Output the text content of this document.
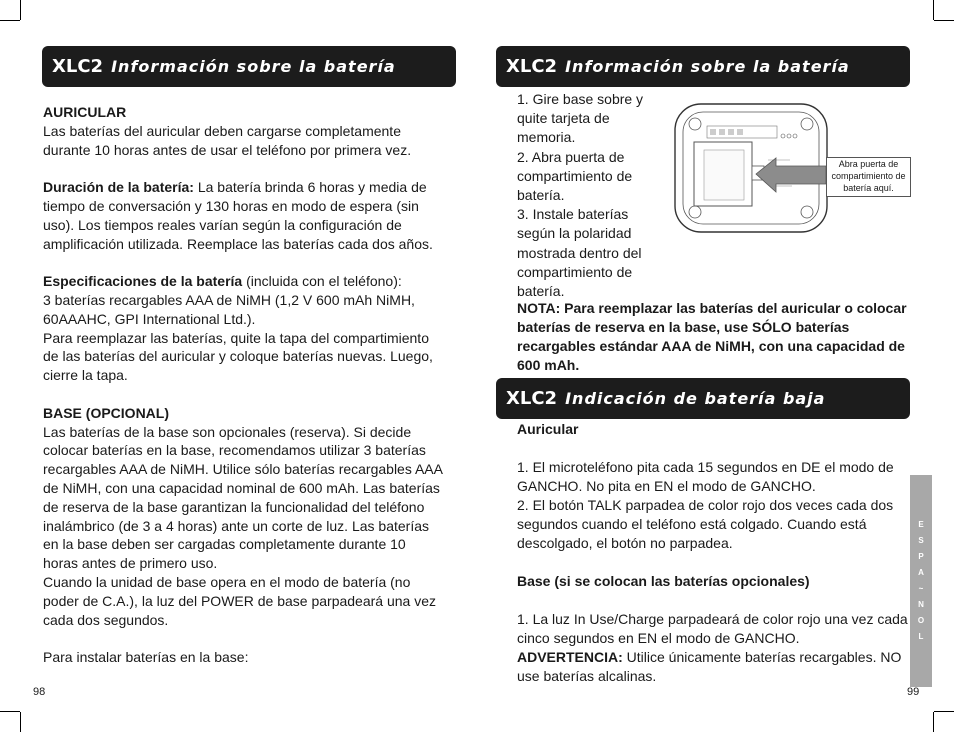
XLC2 Información sobre la batería

AURICULAR

Las baterías del auricular deben cargarse completamente durante 10 horas antes de usar el teléfono por primera vez.

Duración de la batería: La batería brinda 6 horas y media de tiempo de conversación y 130 horas en modo de espera (sin uso). Los tiempos reales varían según la configuración de amplificación utilizada. Reemplace las baterías cada dos años.

Especificaciones de la batería (incluida con el teléfono):

3 baterías recargables AAA de NiMH (1,2 V 600 mAh NiMH, 60AAAHC, GPI International Ltd.).

Para reemplazar las baterías, quite la tapa del compartimiento de las baterías del auricular y coloque baterías nuevas. Luego, cierre la tapa.

BASE (OPCIONAL)

Las baterías de la base son opcionales (reserva). Si decide colocar baterías en la base, recomendamos utilizar 3 baterías recargables AAA de NiMH. Utilice sólo baterías recargables AAA de NiMH, con una capacidad nominal de 600 mAh. Las baterías de reserva de la base garantizan la funcionalidad del teléfono inalámbrico (de 3 a 4 horas) ante un corte de luz. Las baterías en la base deben ser cargadas completamente durante 10 horas antes de primero uso.

Cuando la unidad de base opera en el modo de batería (no poder de C.A.), la luz del POWER de base parpadeará una vez cada dos segundos.

Para instalar baterías en la base:

98
XLC2 Información sobre la batería

1. Gire base sobre y quite tarjeta de memoria.

2. Abra puerta de compartimiento de batería.

3. Instale baterías según la polaridad mostrada dentro del compartimiento de batería.

Abra puerta de compartimiento de batería aquí.
NOTA: Para reemplazar las baterías del auricular o colocar baterías de reserva en la base, use SÓLO baterías recargables estándar AAA de NiMH, con una capacidad de 600 mAh.
XLC2 Indicación de batería baja

Auricular

1. El microteléfono pita cada 15 segundos en DE el modo de GANCHO. No pita en EN el modo de GANCHO.

2. El botón TALK parpadea de color rojo dos veces cada dos segundos cuando el teléfono está colgado. Cuando está descolgado, el botón no parpadea.

Base (si se colocan las baterías opcionales)

1. La luz In Use/Charge parpadeará de color rojo una vez cada cinco segundos en EN el modo de GANCHO.

ADVERTENCIA: Utilice únicamente baterías recargables. NO use baterías alcalinas.

E
S
P
A
~
N
O
L
99
